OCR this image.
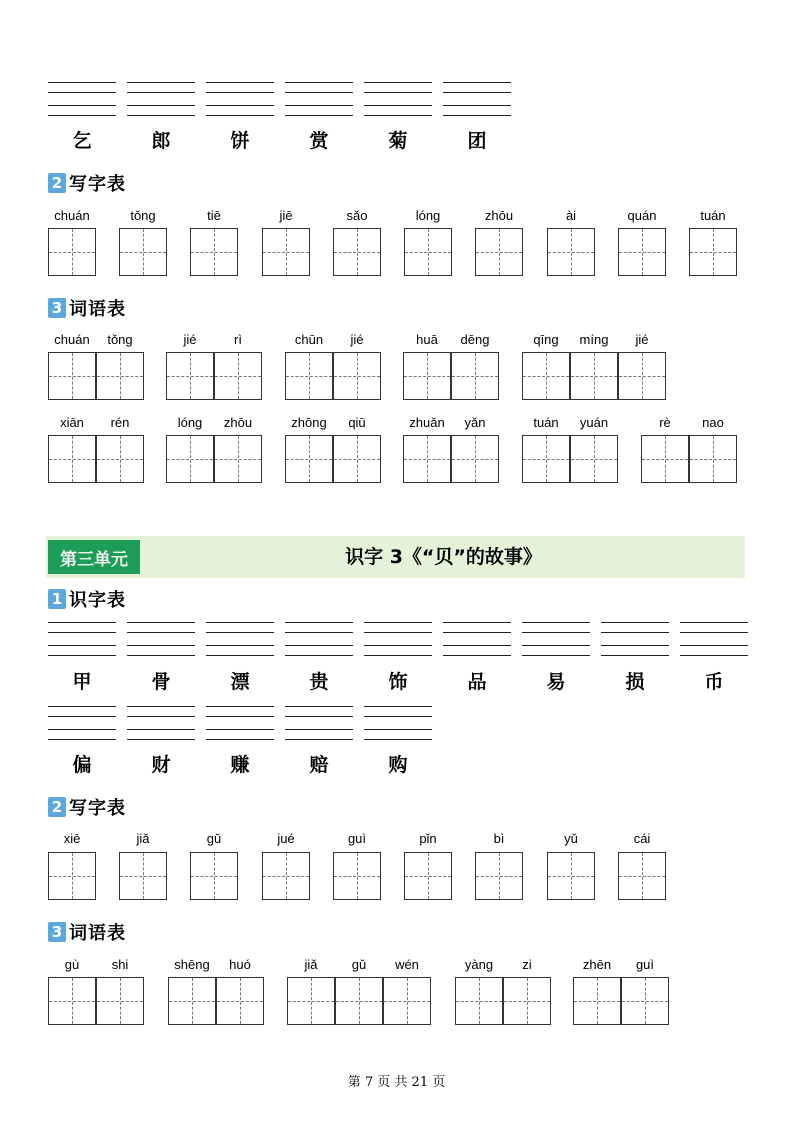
乞	郎	饼	赏	菊	团
2 写字表
chuán	tǒng	tiē	jiē	sǎo	lóng	zhōu	ài	quán	tuán
3 词语表
chuán	tǒng	jié	rì	chūn	jié	huā	dēng	qīng	míng	jié
xiān	rén	lóng	zhōu	zhōng	qiū	zhuǎn	yǎn	tuán	yuán	rè	nao
识字 3《“贝”的故事》
第三单元
1 识字表
甲	骨	漂	贵	饰	品	易	损	币
偏	财	赚	赔	购
2 写字表
xiē	jiǎ	gǔ	jué	guì	pǐn	bì	yǔ	cái
3 词语表
gù	shi	shēng	huó	jiǎ	gǔ	wén	yàng	zi	zhēn	guì
第 7 页 共 21 页
